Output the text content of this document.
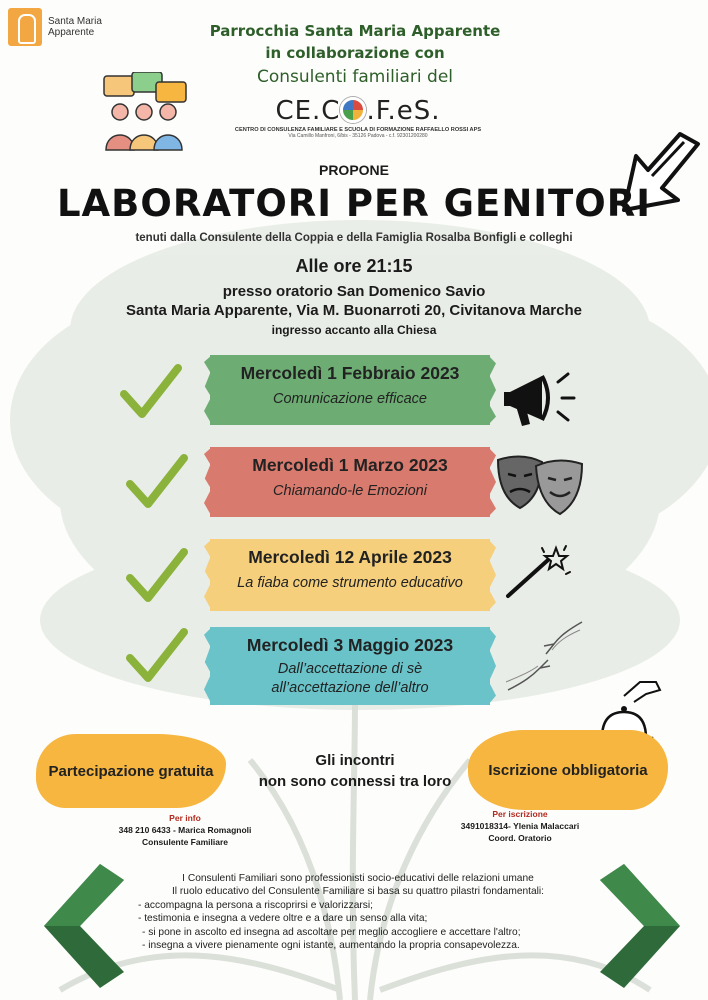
Santa Maria
Apparente	Parrocchia Santa Maria Apparente
in collaborazione con
Consulenti familiari del
CE.C .F.eS.
CENTRO DI CONSULENZA FAMILIARE E SCUOLA DI FORMAZIONE RAFFAELLO ROSSI APS
Via Camillo Manfroni, 6/bis - 35126 Padova - c.f. 92301200280
PROPONE
LABORATORI PER GENITORI
tenuti dalla Consulente della Coppia e della Famiglia Rosalba Bonfigli e colleghi
Alle ore 21:15
presso oratorio San Domenico Savio
Santa Maria Apparente, Via M. Buonarroti 20, Civitanova Marche
ingresso accanto alla Chiesa
Mercoledì 1 Febbraio 2023
Comunicazione efficace
Mercoledì 1 Marzo 2023
Chiamando-le Emozioni
Mercoledì 12 Aprile 2023
La fiaba come strumento educativo
Mercoledì 3 Maggio 2023
Dall’accettazione di sè
all’accettazione dell’altro
Partecipazione gratuita	Iscrizione obbligatoria
Gli incontri
non sono connessi tra loro
Per info
348 210 6433 - Marica Romagnoli
Consulente Familiare
Per iscrizione
3491018314- Ylenia Malaccari
Coord. Oratorio
I Consulenti Familiari sono professionisti socio-educativi delle relazioni umane
Il ruolo educativo del Consulente Familiare si basa su quattro pilastri fondamentali:
- accompagna la persona a riscoprirsi e valorizzarsi;
- testimonia e insegna a vedere oltre e a dare un senso alla vita;
- si pone in ascolto ed insegna ad ascoltare per meglio accogliere e accettare l'altro;
- insegna a vivere pienamente ogni istante, aumentando la propria consapevolezza.
